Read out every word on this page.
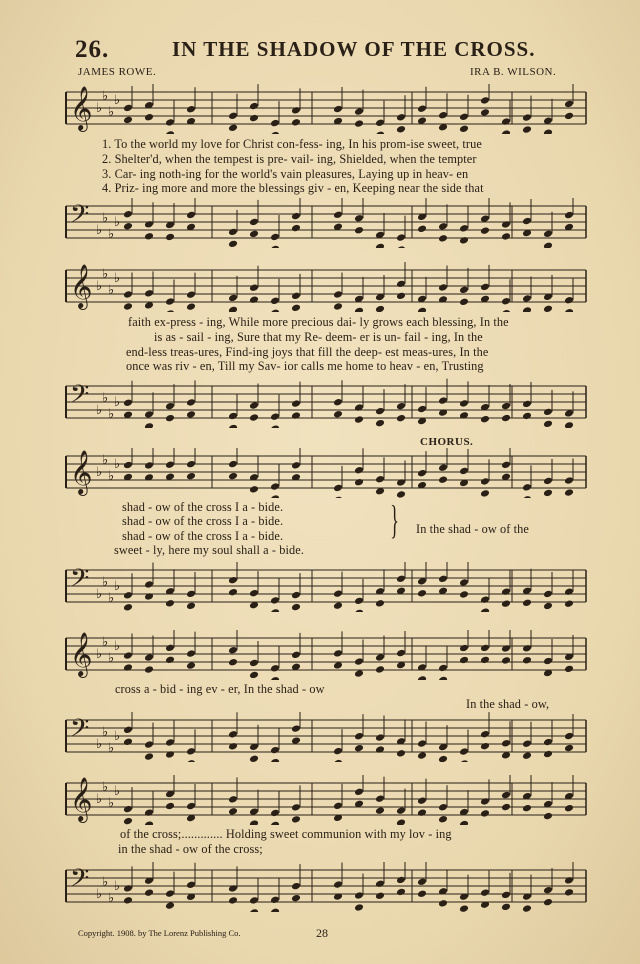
26.	IN THE SHADOW OF THE CROSS.
JAMES ROWE.	IRA B. WILSON.
𝄞 ♭
♭
♭
♭
𝄢 ♭
♭
♭
♭
𝄞 ♭
♭
♭
♭
𝄢 ♭
♭
♭
♭
𝄞 ♭
♭
♭
♭
𝄢 ♭
♭
♭
♭
𝄞 ♭
♭
♭
♭
𝄢 ♭
♭
♭
♭
𝄞 ♭
♭
♭
♭
𝄢 ♭
♭
♭
♭
1. To the world my love for Christ con-fess- ing, In his prom-ise sweet, true
2. Shelter'd, when the tempest is pre- vail- ing, Shielded, when the tempter
3. Car- ing noth-ing for the world's vain pleasures, Laying up in heav- en
4. Priz- ing more and more the blessings giv - en, Keeping near the side that
faith ex-press - ing, While more precious dai- ly grows each blessing, In the
is as - sail - ing, Sure that my Re- deem- er is un- fail - ing, In the
end-less treas-ures, Find-ing joys that fill the deep- est meas-ures, In the
once was riv - en, Till my Sav- ior calls me home to heav - en, Trusting
CHORUS.
shad - ow of the cross I a - bide.
shad - ow of the cross I a - bide.
shad - ow of the cross I a - bide.
sweet - ly, here my soul shall a - bide.
} In the shad - ow of the
cross a - bid - ing ev - er, In the shad - ow
In the shad - ow,
of the cross;............. Holding sweet communion with my lov - ing
in the shad - ow of the cross;
Copyright. 1908. by The Lorenz Publishing Co.	28
